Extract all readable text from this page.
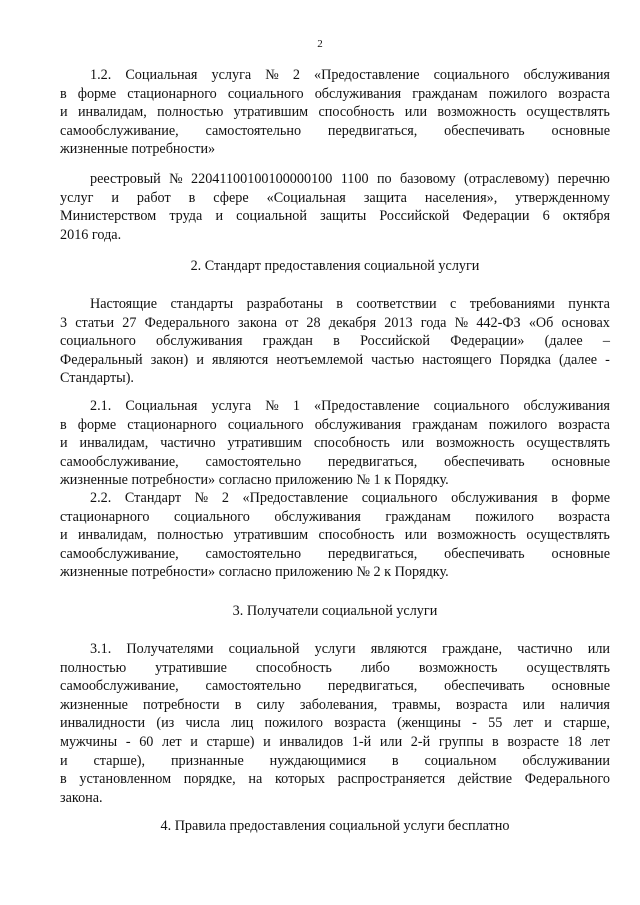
2
1.2. Социальная услуга № 2 «Предоставление социального обслуживания
в форме стационарного социального обслуживания гражданам пожилого возраста
и инвалидам, полностью утратившим способность или возможность осуществлять
самообслуживание, самостоятельно передвигаться, обеспечивать основные
жизненные потребности»
реестровый № 22041100100100000100 1100 по базовому (отраслевому) перечню
услуг и работ в сфере «Социальная защита населения», утвержденному
Министерством труда и социальной защиты Российской Федерации 6 октября
2016 года.
2. Стандарт предоставления социальной услуги
Настоящие стандарты разработаны в соответствии с требованиями пункта
3 статьи 27 Федерального закона от 28 декабря 2013 года № 442-ФЗ «Об основах
социального обслуживания граждан в Российской Федерации» (далее –
Федеральный закон) и являются неотъемлемой частью настоящего Порядка (далее -
Стандарты).
2.1. Социальная услуга № 1 «Предоставление социального обслуживания
в форме стационарного социального обслуживания гражданам пожилого возраста
и инвалидам, частично утратившим способность или возможность осуществлять
самообслуживание, самостоятельно передвигаться, обеспечивать основные
жизненные потребности» согласно приложению № 1 к Порядку.
2.2. Стандарт № 2 «Предоставление социального обслуживания в форме
стационарного социального обслуживания гражданам пожилого возраста
и инвалидам, полностью утратившим способность или возможность осуществлять
самообслуживание, самостоятельно передвигаться, обеспечивать основные
жизненные потребности» согласно приложению № 2 к Порядку.
3. Получатели социальной услуги
3.1. Получателями социальной услуги являются граждане, частично или
полностью утратившие способность либо возможность осуществлять
самообслуживание, самостоятельно передвигаться, обеспечивать основные
жизненные потребности в силу заболевания, травмы, возраста или наличия
инвалидности (из числа лиц пожилого возраста (женщины - 55 лет и старше,
мужчины - 60 лет и старше) и инвалидов 1-й или 2-й группы в возрасте 18 лет
и старше), признанные нуждающимися в социальном обслуживании
в установленном порядке, на которых распространяется действие Федерального
закона.
4. Правила предоставления социальной услуги бесплатно
